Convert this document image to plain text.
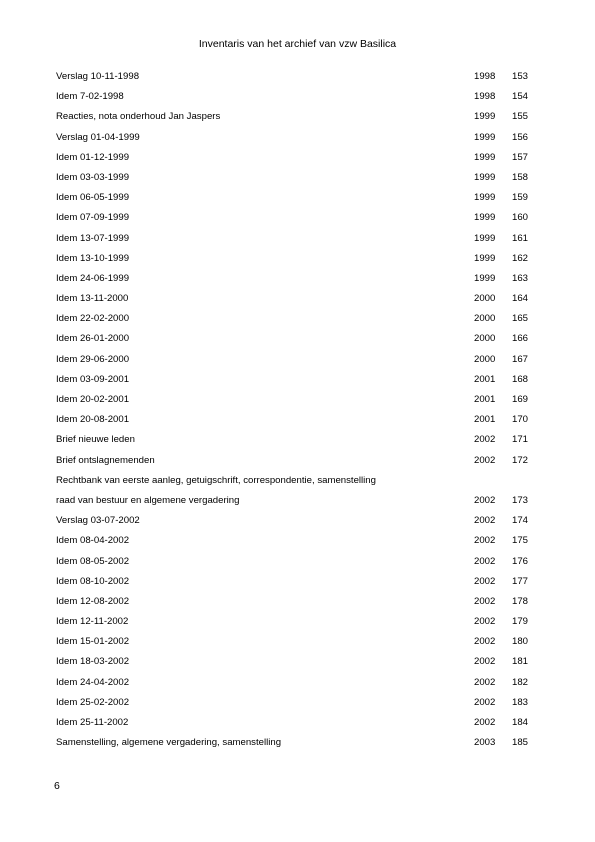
Inventaris van het archief van vzw Basilica
Verslag 10-11-1998	1998 153
Idem 7-02-1998	1998 154
Reacties, nota onderhoud Jan Jaspers	1999 155
Verslag 01-04-1999	1999 156
Idem 01-12-1999	1999 157
Idem 03-03-1999	1999 158
Idem 06-05-1999	1999 159
Idem 07-09-1999	1999 160
Idem 13-07-1999	1999 161
Idem 13-10-1999	1999 162
Idem 24-06-1999	1999 163
Idem 13-11-2000	2000 164
Idem 22-02-2000	2000 165
Idem 26-01-2000	2000 166
Idem 29-06-2000	2000 167
Idem 03-09-2001	2001 168
Idem 20-02-2001	2001 169
Idem 20-08-2001	2001 170
Brief nieuwe leden	2002 171
Brief ontslagnemenden	2002 172
Rechtbank van eerste aanleg, getuigschrift, correspondentie, samenstelling
raad van bestuur en algemene vergadering	2002 173
Verslag 03-07-2002	2002 174
Idem 08-04-2002	2002 175
Idem 08-05-2002	2002 176
Idem 08-10-2002	2002 177
Idem 12-08-2002	2002 178
Idem 12-11-2002	2002 179
Idem 15-01-2002	2002 180
Idem 18-03-2002	2002 181
Idem 24-04-2002	2002 182
Idem 25-02-2002	2002 183
Idem 25-11-2002	2002 184
Samenstelling, algemene vergadering, samenstelling	2003 185
6
